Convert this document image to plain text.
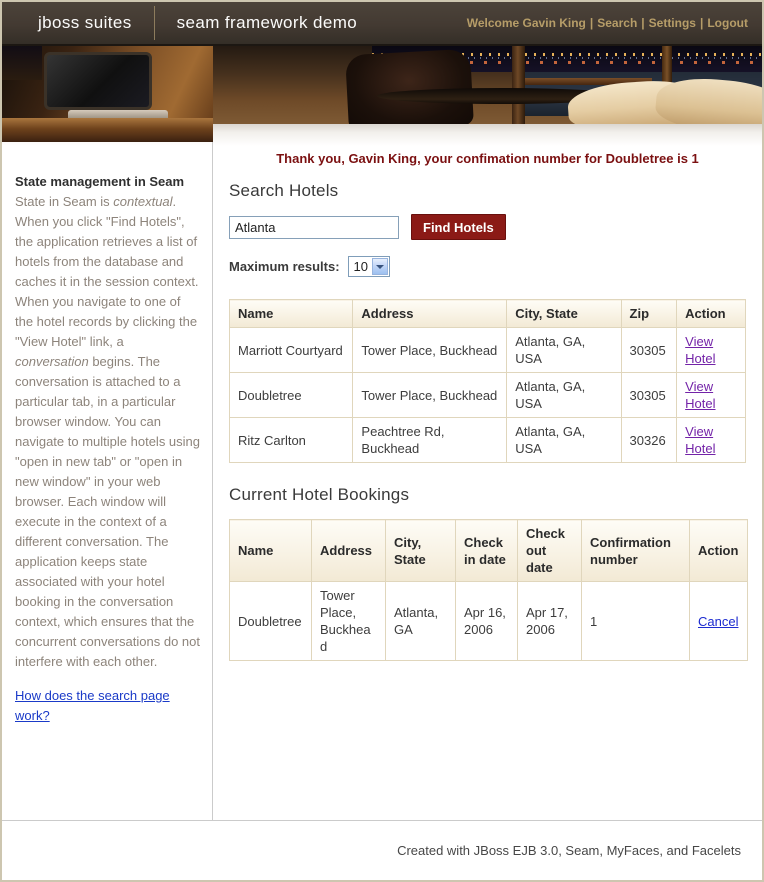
jboss suites	seam framework demo	Welcome Gavin King | Search | Settings | Logout
State management in Seam
State in Seam is contextual. When you click "Find Hotels", the application retrieves a list of hotels from the database and caches it in the session context. When you navigate to one of the hotel records by clicking the "View Hotel" link, a conversation begins. The conversation is attached to a particular tab, in a particular browser window. You can navigate to multiple hotels using "open in new tab" or "open in new window" in your web browser. Each window will execute in the context of a different conversation. The application keeps state associated with your hotel booking in the conversation context, which ensures that the concurrent conversations do not interfere with each other.
How does the search page work?
Thank you, Gavin King, your confimation number for Doubletree is 1
Search Hotels
Atlanta
Find Hotels
Maximum results:	10
Name	Address	City, State	Zip	Action
Marriott Courtyard	Tower Place, Buckhead	Atlanta, GA, USA	30305	View Hotel
Doubletree	Tower Place, Buckhead	Atlanta, GA, USA	30305	View Hotel
Ritz Carlton	Peachtree Rd, Buckhead	Atlanta, GA, USA	30326	View Hotel
Current Hotel Bookings
Name	Address	City, State	Check in date	Check out date	Confirmation number	Action
Doubletree	Tower Place, Buckhead	Atlanta, GA	Apr 16, 2006	Apr 17, 2006	1	Cancel
Created with JBoss EJB 3.0, Seam, MyFaces, and Facelets
